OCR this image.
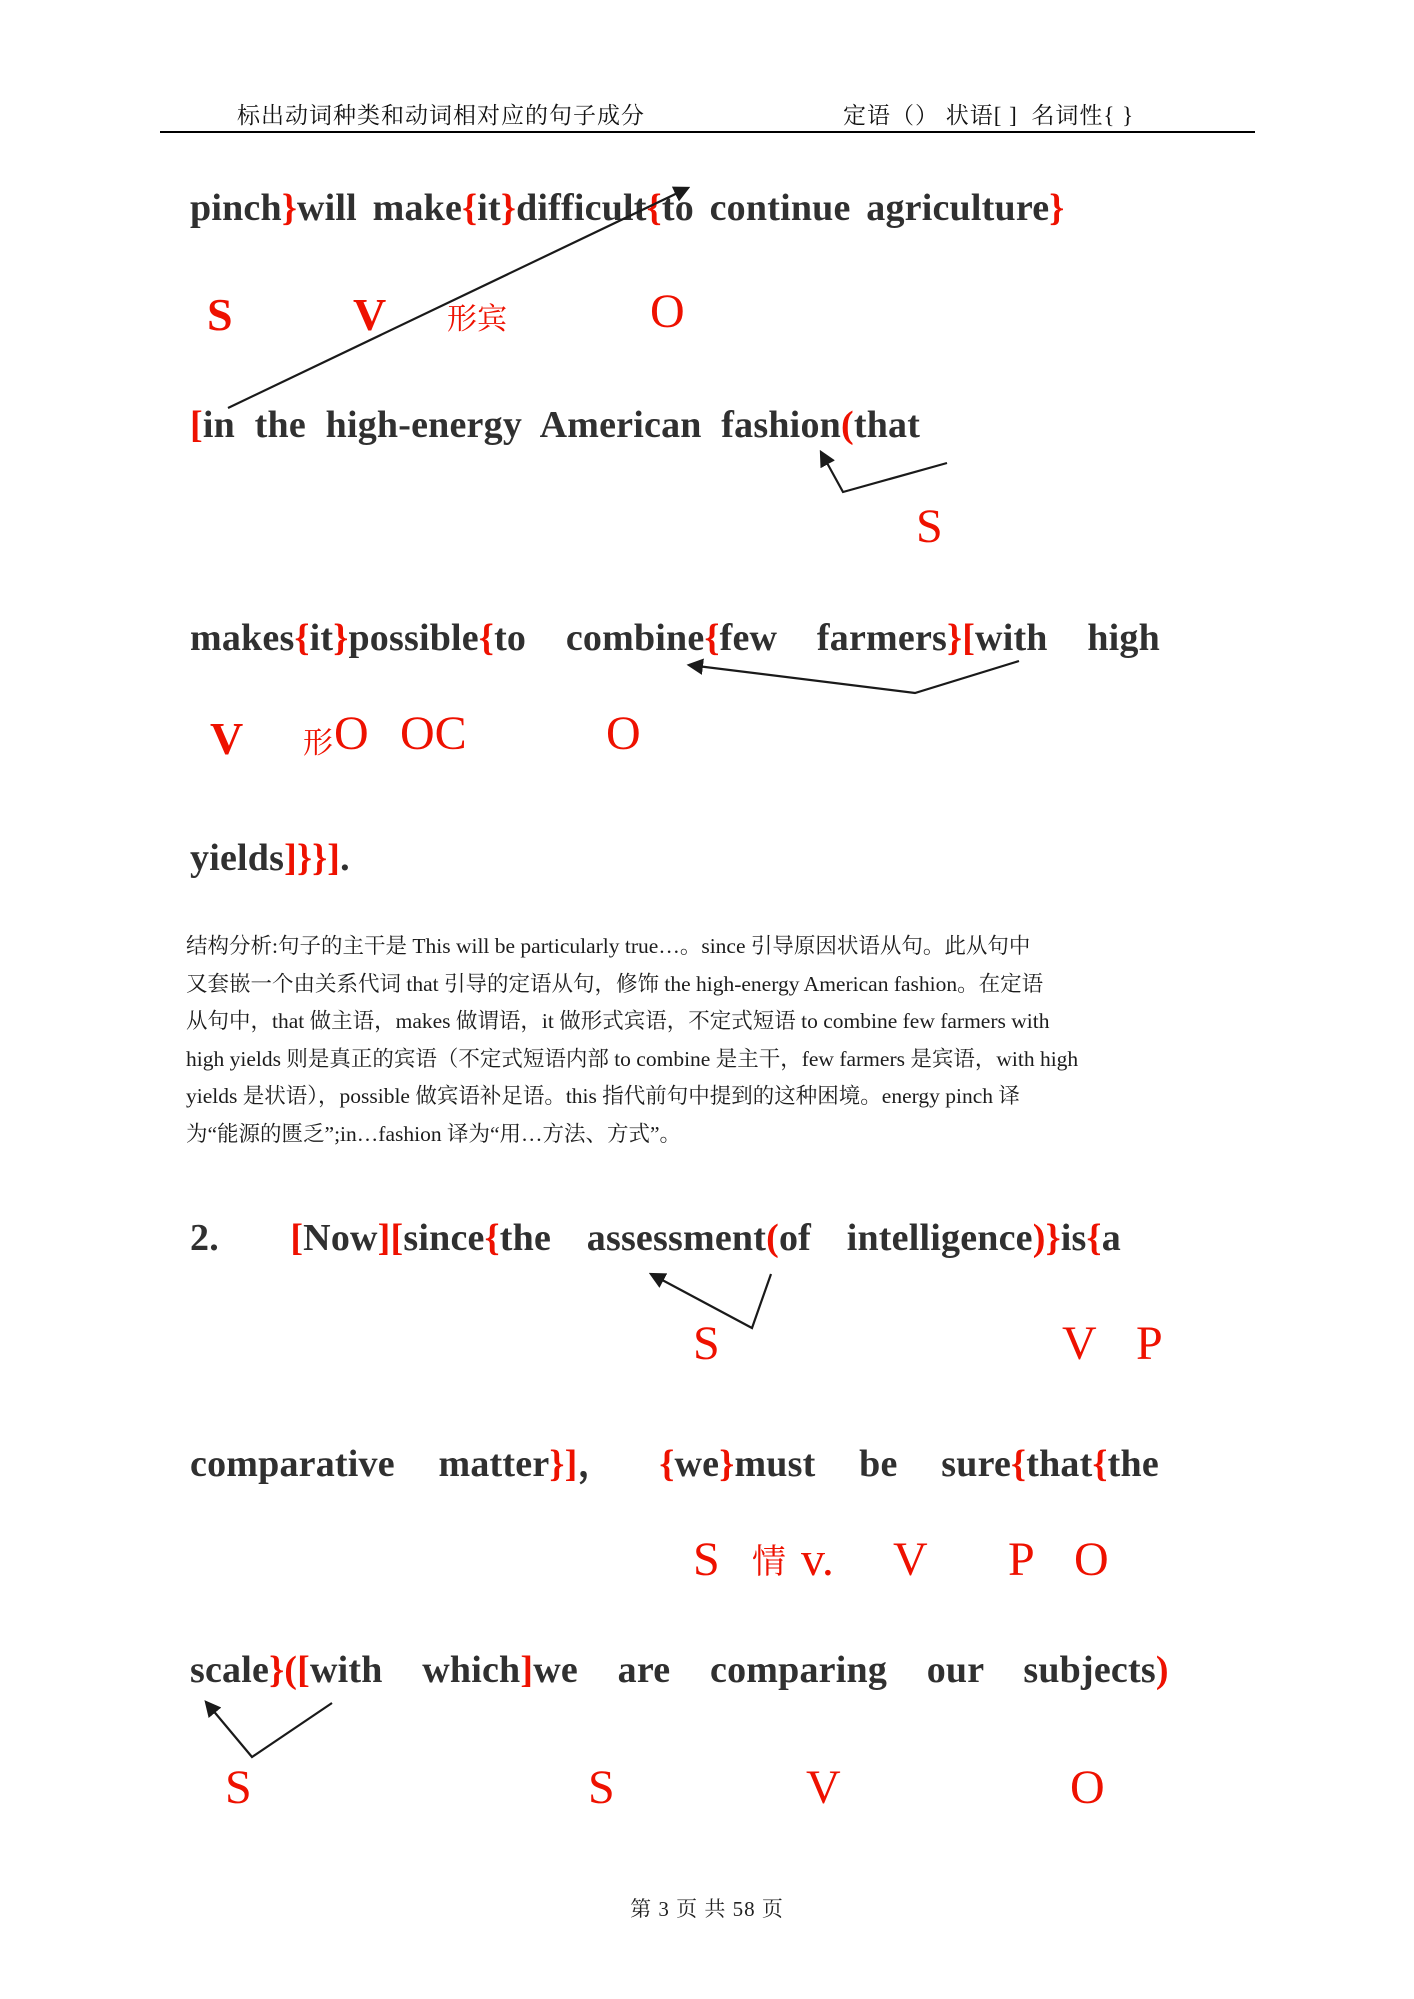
标出动词种类和动词相对应的句子成分	定语（） 状语[ ]  名词性{ }
pinch}will make{it}difficult{to continue agriculture}
S	V 形宾	O
[in the high-energy American fashion(that
S
makes{it}possible{to combine{few farmers}[with high
V 形 O OC	O
yields]}}].
结构分析:句子的主干是 This will be particularly true…。since 引导原因状语从句。此从句中
又套嵌一个由关系代词 that 引导的定语从句，修饰 the high-energy American fashion。在定语
从句中，that 做主语，makes 做谓语，it 做形式宾语，不定式短语 to combine few farmers with
high yields 则是真正的宾语（不定式短语内部 to combine 是主干，few farmers 是宾语，with high
yields 是状语），possible 做宾语补足语。this 指代前句中提到的这种困境。energy pinch 译
为“能源的匮乏”;in…fashion 译为“用…方法、方式”。
2.  [Now][since{the assessment(of intelligence)}is{a
S	V P
comparative matter}]， {we}must be sure{that{the
S 情 v. V P O
scale}([with which]we are comparing our subjects)
S	S	V	O
第 3 页 共 58 页
